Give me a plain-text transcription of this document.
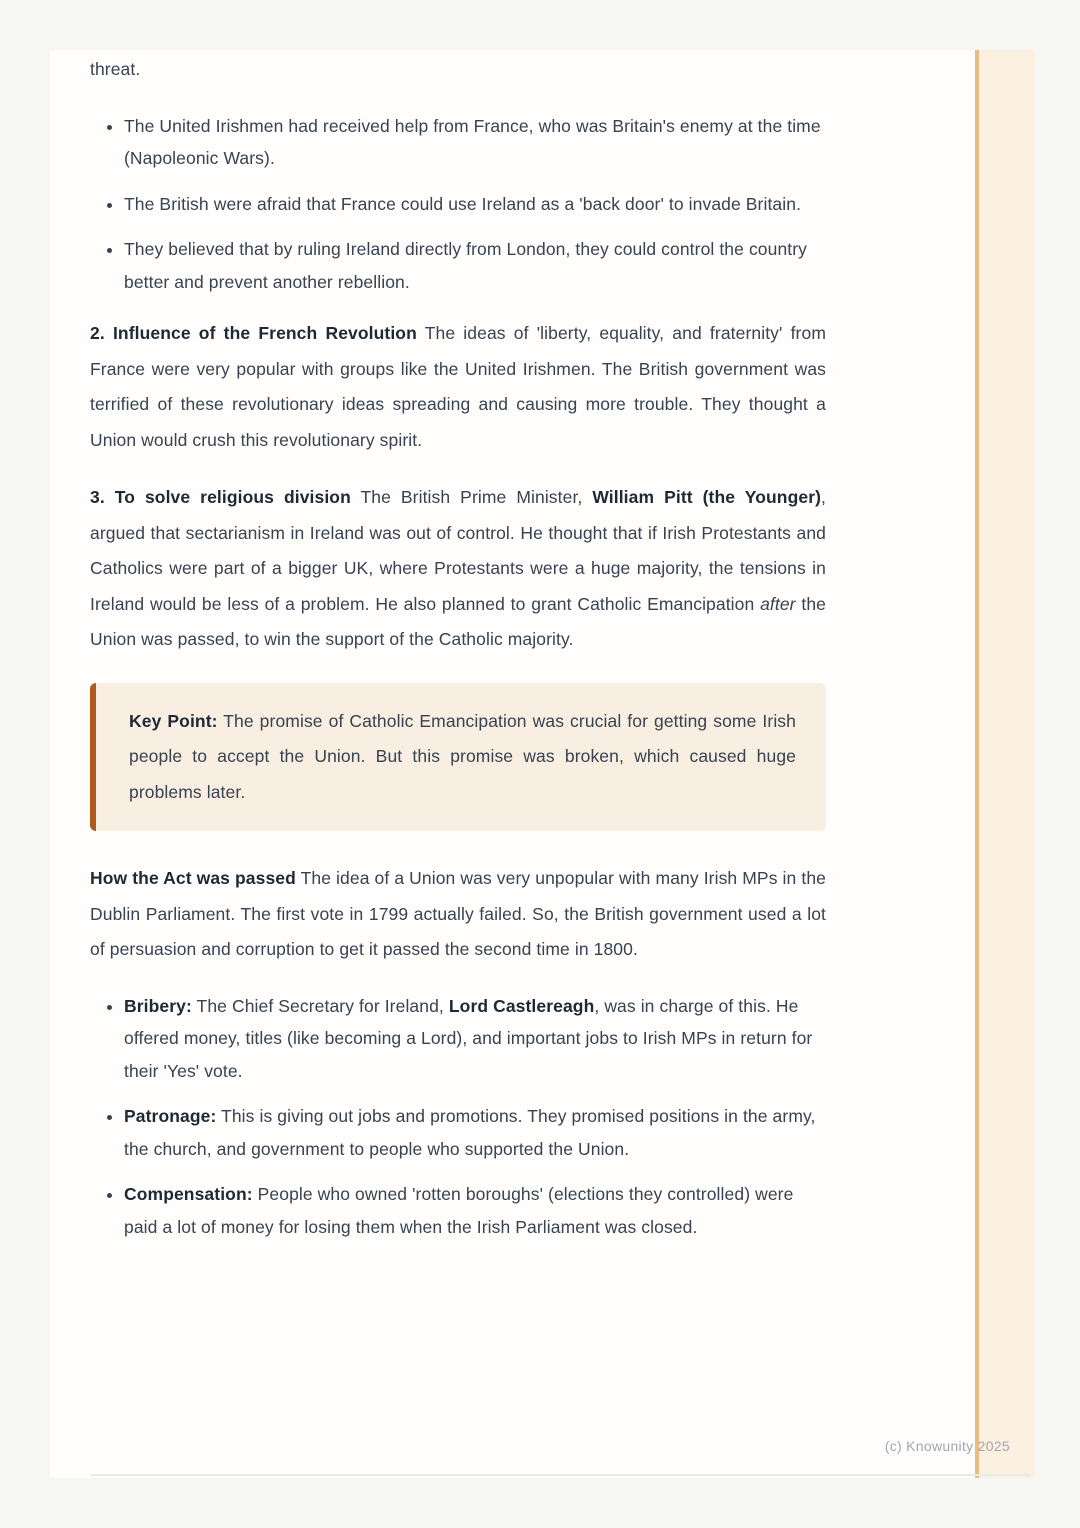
threat.

• The United Irishmen had received help from France, who was Britain's enemy at the time (Napoleonic Wars).
• The British were afraid that France could use Ireland as a 'back door' to invade Britain.
• They believed that by ruling Ireland directly from London, they could control the country better and prevent another rebellion.

2. Influence of the French Revolution The ideas of 'liberty, equality, and fraternity' from France were very popular with groups like the United Irishmen. The British government was terrified of these revolutionary ideas spreading and causing more trouble. They thought a Union would crush this revolutionary spirit.

3. To solve religious division The British Prime Minister, William Pitt (the Younger), argued that sectarianism in Ireland was out of control. He thought that if Irish Protestants and Catholics were part of a bigger UK, where Protestants were a huge majority, the tensions in Ireland would be less of a problem. He also planned to grant Catholic Emancipation after the Union was passed, to win the support of the Catholic majority.

Key Point: The promise of Catholic Emancipation was crucial for getting some Irish people to accept the Union. But this promise was broken, which caused huge problems later.

How the Act was passed The idea of a Union was very unpopular with many Irish MPs in the Dublin Parliament. The first vote in 1799 actually failed. So, the British government used a lot of persuasion and corruption to get it passed the second time in 1800.

• Bribery: The Chief Secretary for Ireland, Lord Castlereagh, was in charge of this. He offered money, titles (like becoming a Lord), and important jobs to Irish MPs in return for their 'Yes' vote.
• Patronage: This is giving out jobs and promotions. They promised positions in the army, the church, and government to people who supported the Union.
• Compensation: People who owned 'rotten boroughs' (elections they controlled) were paid a lot of money for losing them when the Irish Parliament was closed.
(c) Knowunity 2025
